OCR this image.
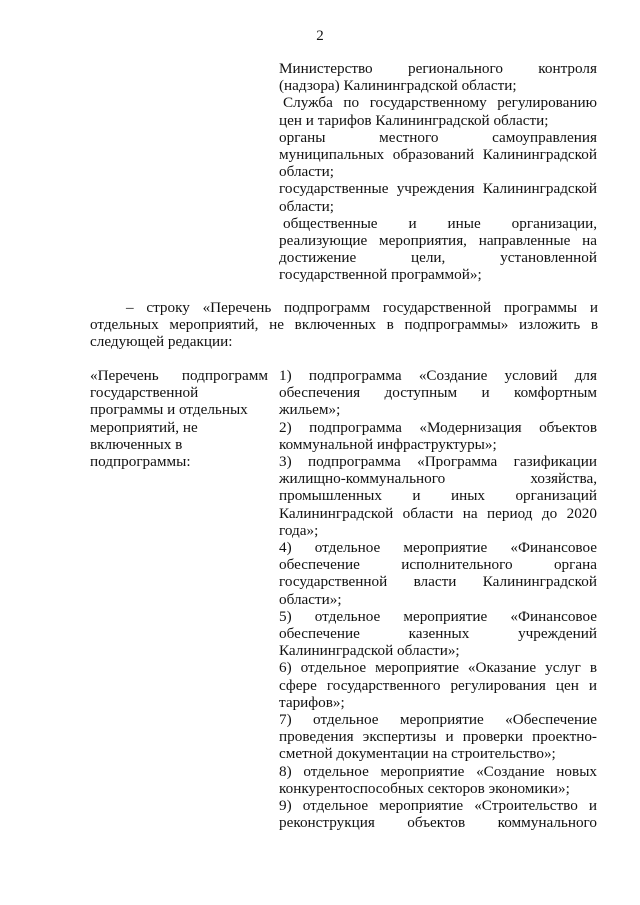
2

Министерство регионального контроля (надзора) Калининградской области;

Служба по государственному регулированию цен и тарифов Калининградской области;

органы местного самоуправления муниципальных образований Калининградской области;

государственные учреждения Калининградской области;

общественные и иные организации, реализующие мероприятия, направленные на достижение цели, установленной государственной программой»;

– строку «Перечень подпрограмм государственной программы и отдельных мероприятий, не включенных в подпрограммы» изложить в следующей редакции:
«Перечень подпрограмм
государственной
программы и отдельных
мероприятий, не
включенных в
подпрограммы:
1) подпрограмма «Создание условий для обеспечения доступным и комфортным жильем»;
2) подпрограмма «Модернизация объектов коммунальной инфраструктуры»;
3) подпрограмма «Программа газификации жилищно-коммунального хозяйства, промышленных и иных организаций Калининградской области на период до 2020 года»;
4) отдельное мероприятие «Финансовое обеспечение исполнительного органа государственной власти Калининградской области»;
5) отдельное мероприятие «Финансовое обеспечение казенных учреждений Калининградской области»;
6) отдельное мероприятие «Оказание услуг в сфере государственного регулирования цен и тарифов»;
7) отдельное мероприятие «Обеспечение проведения экспертизы и проверки проектно-сметной документации на строительство»;
8) отдельное мероприятие «Создание новых конкурентоспособных секторов экономики»;
9) отдельное мероприятие «Строительство и реконструкция объектов коммунального
